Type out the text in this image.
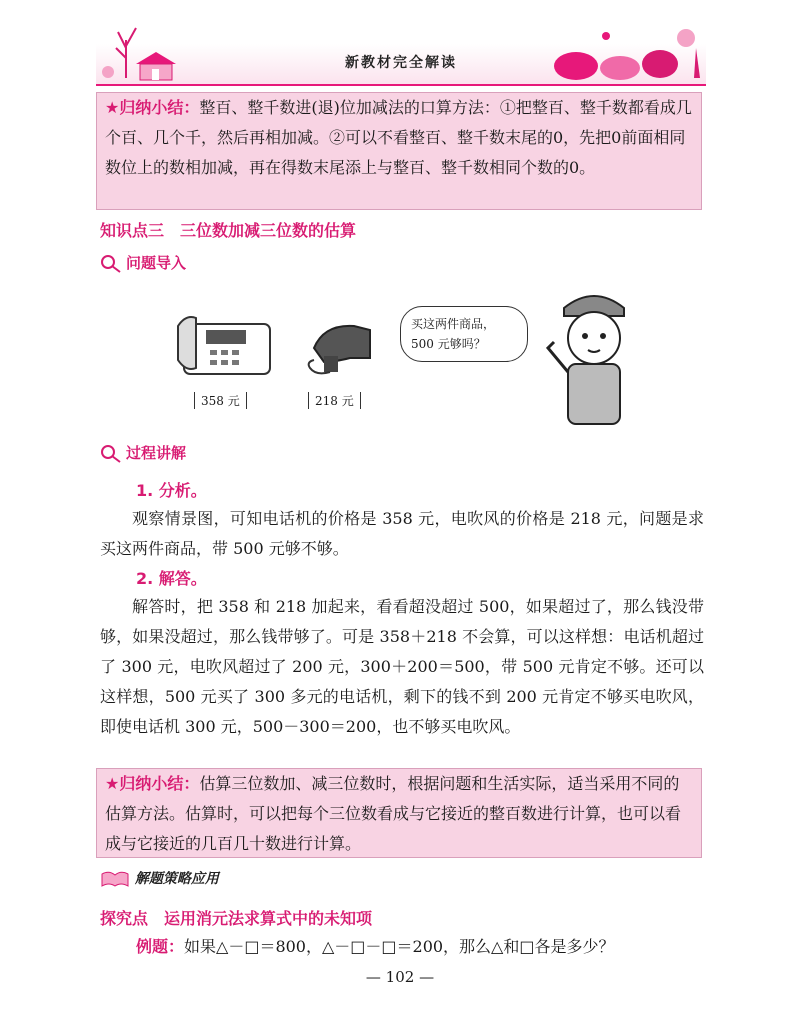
新教材完全解读
★归纳小结：整百、整千数进(退)位加减法的口算方法：①把整百、整千数都看成几个百、几个千，然后再相加减。②可以不看整百、整千数末尾的0，先把0前面相同数位上的数相加减，再在得数末尾添上与整百、整千数相同个数的0。
知识点三　三位数加减三位数的估算
问题导入
358 元	218 元
买这两件商品，
500 元够吗？
过程讲解
1. 分析。
观察情景图，可知电话机的价格是 358 元，电吹风的价格是 218 元，问题是求买这两件商品，带 500 元够不够。
2. 解答。
解答时，把 358 和 218 加起来，看看超没超过 500，如果超过了，那么钱没带够，如果没超过，那么钱带够了。可是 358＋218 不会算，可以这样想：电话机超过了 300 元，电吹风超过了 200 元，300＋200＝500，带 500 元肯定不够。还可以这样想，500 元买了 300 多元的电话机，剩下的钱不到 200 元肯定不够买电吹风，即使电话机 300 元，500－300＝200，也不够买电吹风。
★归纳小结：估算三位数加、减三位数时，根据问题和生活实际，适当采用不同的估算方法。估算时，可以把每个三位数看成与它接近的整百数进行计算，也可以看成与它接近的几百几十数进行计算。
解题策略应用
探究点　运用消元法求算式中的未知项
例题：如果△－□＝800，△－□－□＝200，那么△和□各是多少？
— 102 —
